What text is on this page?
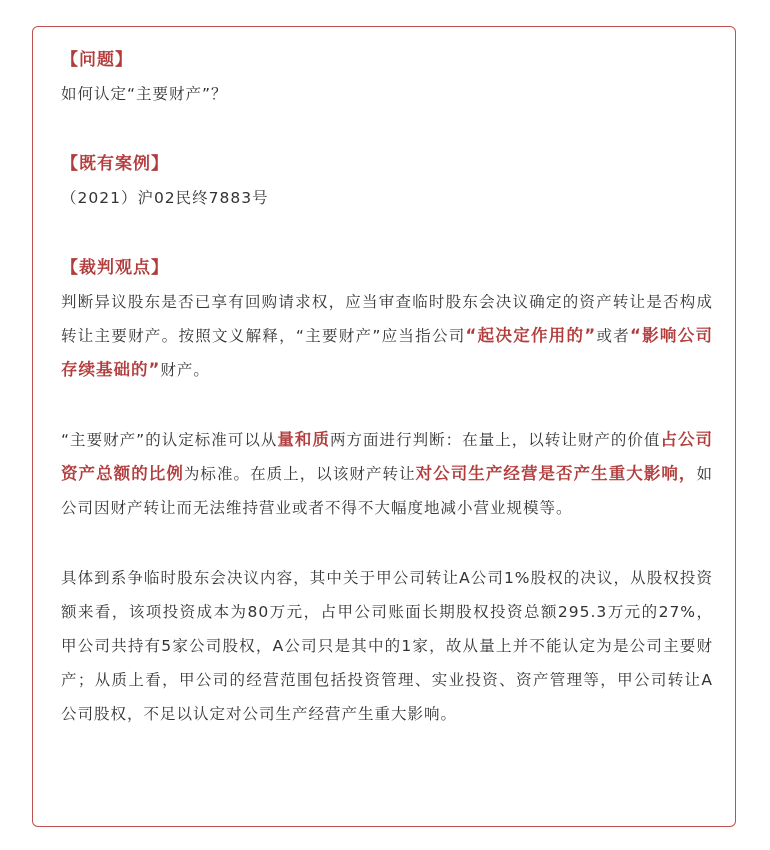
【问题】

如何认定“主要财产”？

【既有案例】

（2021）沪02民终7883号

【裁判观点】

判断异议股东是否已享有回购请求权，应当审查临时股东会决议确定的资产转让是否构成转让主要财产。按照文义解释，“主要财产”应当指公司“起决定作用的”或者“影响公司存续基础的”财产。

“主要财产”的认定标准可以从量和质两方面进行判断：在量上，以转让财产的价值占公司资产总额的比例为标准。在质上，以该财产转让对公司生产经营是否产生重大影响，如公司因财产转让而无法维持营业或者不得不大幅度地减小营业规模等。

具体到系争临时股东会决议内容，其中关于甲公司转让A公司1%股权的决议，从股权投资额来看，该项投资成本为80万元，占甲公司账面长期股权投资总额295.3万元的27%，甲公司共持有5家公司股权，A公司只是其中的1家，故从量上并不能认定为是公司主要财产；从质上看，甲公司的经营范围包括投资管理、实业投资、资产管理等，甲公司转让A公司股权，不足以认定对公司生产经营产生重大影响。
